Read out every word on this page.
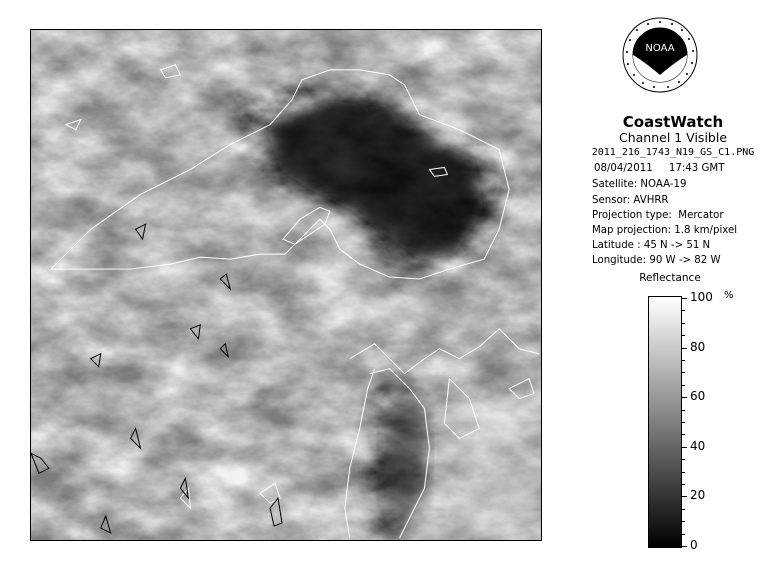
NOAA
CoastWatch
Channel 1 Visible
2011_216_1743_N19_GS_C1.PNG
08/04/2011     17:43 GMT
Satellite: NOAA-19
Sensor: AVHRR
Projection type:  Mercator
Map projection: 1.8 km/pixel
Latitude : 45 N -> 51 N
Longitude: 90 W -> 82 W
Reflectance
%
100
80
60
40
20
0
